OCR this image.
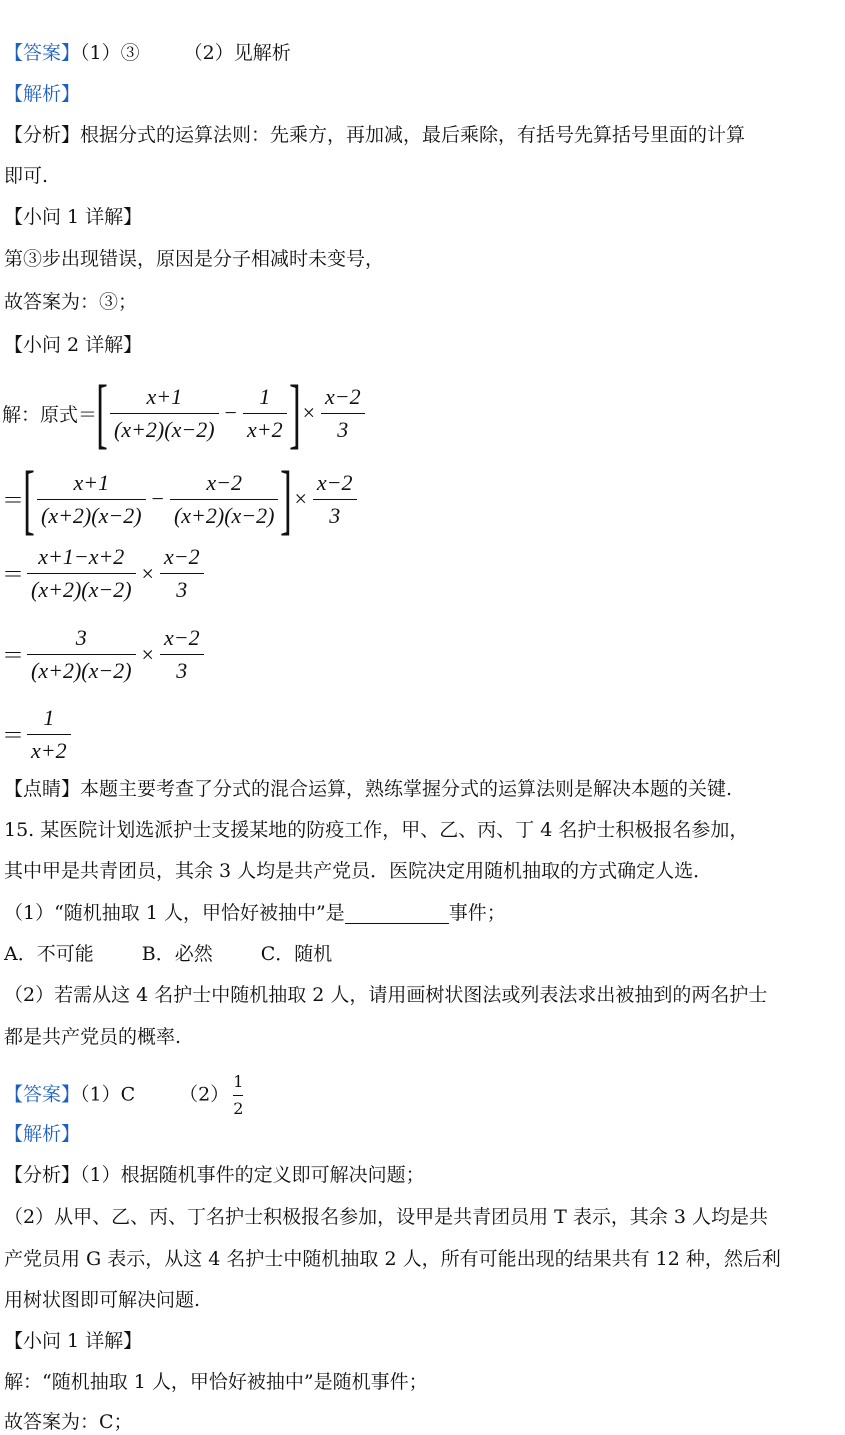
【答案】（1）③ （2）见解析
【解析】
【分析】根据分式的运算法则：先乘方，再加减，最后乘除，有括号先算括号里面的计算
即可.
【小问 1 详解】
第③步出现错误，原因是分子相减时未变号，
故答案为：③；
【小问 2 详解】
解：原式＝ [ $\frac{x+1}{(x+2)(x-2)} - \frac{1}{x+2}$ ] × $\frac{x-2}{3}$
＝ [ $\frac{x+1}{(x+2)(x-2)} - \frac{x-2}{(x+2)(x-2)}$ ] × $\frac{x-2}{3}$
＝ $\frac{x+1-x+2}{(x+2)(x-2)} \times \frac{x-2}{3}$
＝ $\frac{3}{(x+2)(x-2)} \times \frac{x-2}{3}$
＝ $\frac{1}{x+2}$
【点睛】本题主要考查了分式的混合运算，熟练掌握分式的运算法则是解决本题的关键.
15. 某医院计划选派护士支援某地的防疫工作，甲、乙、丙、丁 4 名护士积极报名参加，
其中甲是共青团员，其余 3 人均是共产党员．医院决定用随机抽取的方式确定人选．
（1）“随机抽取 1 人，甲恰好被抽中”是	事件；
A．不可能	B．必然	C．随机
（2）若需从这 4 名护士中随机抽取 2 人，请用画树状图法或列表法求出被抽到的两名护士
都是共产党员的概率.
【答案】（1）C $(2) \frac{1}{2}$
【解析】
【分析】（1）根据随机事件的定义即可解决问题；
（2）从甲、乙、丙、丁名护士积极报名参加，设甲是共青团员用 T 表示，其余 3 人均是共
产党员用 G 表示，从这 4 名护士中随机抽取 2 人，所有可能出现的结果共有 12 种，然后利
用树状图即可解决问题.
【小问 1 详解】
解：“随机抽取 1 人，甲恰好被抽中”是随机事件；
故答案为：C；
